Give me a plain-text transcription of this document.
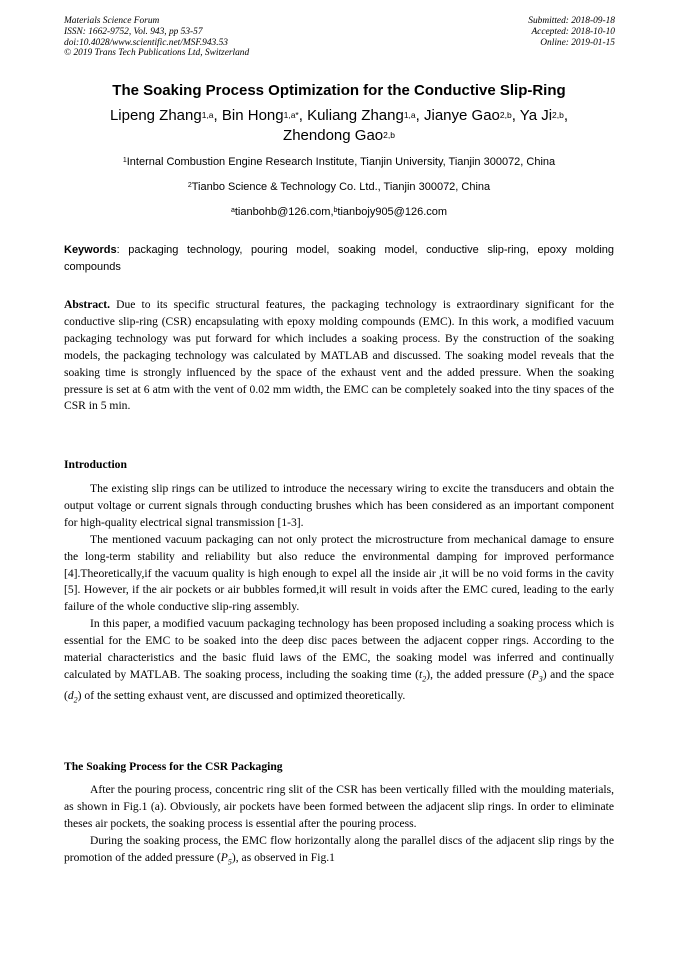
Materials Science Forum
ISSN: 1662-9752, Vol. 943, pp 53-57
doi:10.4028/www.scientific.net/MSF.943.53
© 2019 Trans Tech Publications Ltd, Switzerland
Submitted: 2018-09-18
Accepted: 2018-10-10
Online: 2019-01-15
The Soaking Process Optimization for the Conductive Slip-Ring
Lipeng Zhang$^{1,a}$, Bin Hong$^{1,a*}$, Kuliang Zhang$^{1,a}$, Jianye Gao$^{2,b}$, Ya Ji$^{2,b}$,
Zhendong Gao$^{2,b}$
$^1$Internal Combustion Engine Research Institute, Tianjin University, Tianjin 300072, China
$^2$Tianbo Science & Technology Co. Ltd., Tianjin 300072, China
$^a$tianbohb@126.com,$^b$tianbojy905@126.com
Keywords: packaging technology, pouring model, soaking model, conductive slip-ring, epoxy molding compounds

Abstract. Due to its specific structural features, the packaging technology is extraordinary significant for the conductive slip-ring (CSR) encapsulating with epoxy molding compounds (EMC). In this work, a modified vacuum packaging technology was put forward for which includes a soaking process. By the construction of the soaking models, the packaging technology was calculated by MATLAB and discussed. The soaking model reveals that the soaking time is strongly influenced by the space of the exhaust vent and the added pressure. When the soaking pressure is set at 6 atm with the vent of 0.02 mm width, the EMC can be completely soaked into the tiny spaces of the CSR in 5 min.

Introduction

The existing slip rings can be utilized to introduce the necessary wiring to excite the transducers and obtain the output voltage or current signals through conducting brushes which has been considered as an important component for high-quality electrical signal transmission [1-3].

The mentioned vacuum packaging can not only protect the microstructure from mechanical damage to ensure the long-term stability and reliability but also reduce the environmental damping for improved performance [4].Theoretically,if the vacuum quality is high enough to expel all the inside air ,it will be no void forms in the cavity [5]. However, if the air pockets or air bubbles formed,it will result in voids after the EMC cured, leading to the early failure of the whole conductive slip-ring assembly.

In this paper, a modified vacuum packaging technology has been proposed including a soaking process which is essential for the EMC to be soaked into the deep disc paces between the adjacent copper rings. According to the material characteristics and the basic fluid laws of the EMC, the soaking model was inferred and continually calculated by MATLAB. The soaking process, including the soaking time $(t_2)$, the added pressure $(P_3)$ and the space $(d_2)$ of the setting exhaust vent, are discussed and optimized theoretically.

The Soaking Process for the CSR Packaging

After the pouring process, concentric ring slit of the CSR has been vertically filled with the moulding materials, as shown in Fig.1 (a). Obviously, air pockets have been formed between the adjacent slip rings. In order to eliminate theses air pockets, the soaking process is essential after the pouring process.

During the soaking process, the EMC flow horizontally along the parallel discs of the adjacent slip rings by the promotion of the added pressure $(P_5)$, as observed in Fig.1
